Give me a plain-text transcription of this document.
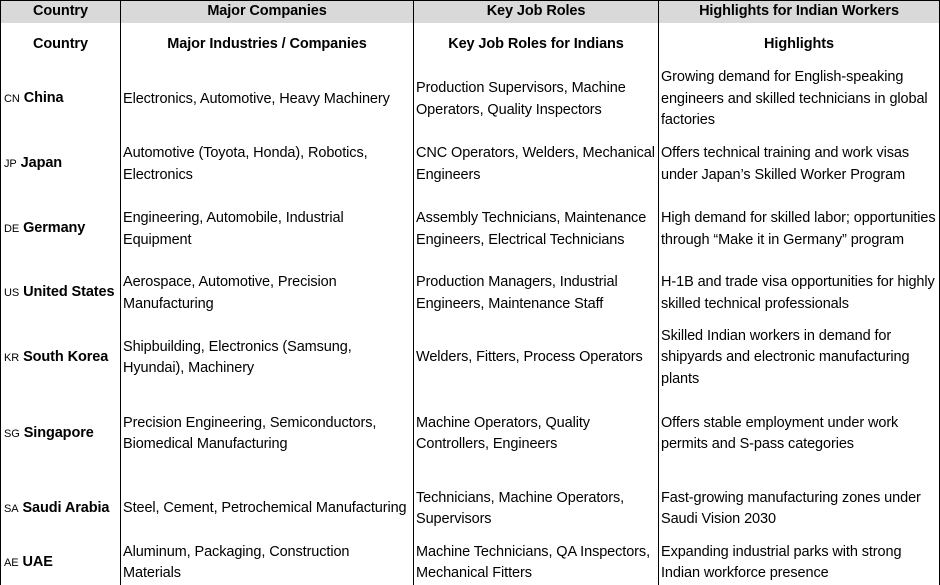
Country	Major Companies	Key Job Roles	Highlights for Indian Workers
Country	Major Industries / Companies	Key Job Roles for Indians	Highlights
CN China	Electronics, Automotive, Heavy Machinery	Production Supervisors, Machine Operators, Quality Inspectors	Growing demand for English-speaking engineers and skilled technicians in global factories
JP Japan	Automotive (Toyota, Honda), Robotics, Electronics	CNC Operators, Welders, Mechanical Engineers	Offers technical training and work visas under Japan’s Skilled Worker Program
DE Germany	Engineering, Automobile, Industrial Equipment	Assembly Technicians, Maintenance Engineers, Electrical Technicians	High demand for skilled labor; opportunities through “Make it in Germany” program
US United States	Aerospace, Automotive, Precision Manufacturing	Production Managers, Industrial Engineers, Maintenance Staff	H-1B and trade visa opportunities for highly skilled technical professionals
KR South Korea	Shipbuilding, Electronics (Samsung, Hyundai), Machinery	Welders, Fitters, Process Operators	Skilled Indian workers in demand for shipyards and electronic manufacturing plants
SG Singapore	Precision Engineering, Semiconductors, Biomedical Manufacturing	Machine Operators, Quality Controllers, Engineers	Offers stable employment under work permits and S-pass categories
SA Saudi Arabia	Steel, Cement, Petrochemical Manufacturing	Technicians, Machine Operators, Supervisors	Fast-growing manufacturing zones under Saudi Vision 2030
AE UAE	Aluminum, Packaging, Construction Materials	Machine Technicians, QA Inspectors, Mechanical Fitters	Expanding industrial parks with strong Indian workforce presence
